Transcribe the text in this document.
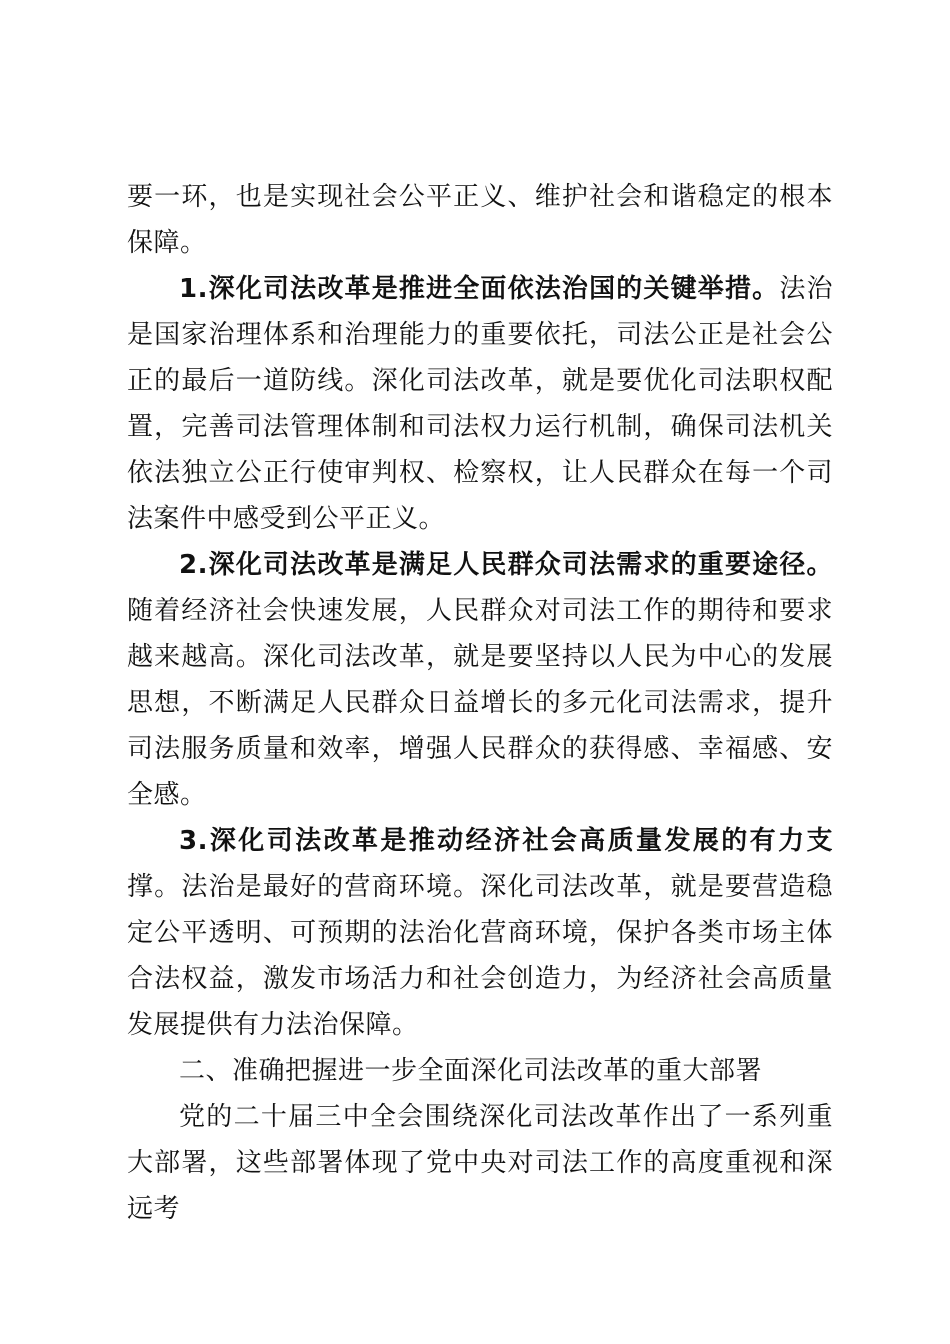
要一环，也是实现社会公平正义、维护社会和谐稳定的根本保障。

1.深化司法改革是推进全面依法治国的关键举措。法治是国家治理体系和治理能力的重要依托，司法公正是社会公正的最后一道防线。深化司法改革，就是要优化司法职权配置，完善司法管理体制和司法权力运行机制，确保司法机关依法独立公正行使审判权、检察权，让人民群众在每一个司法案件中感受到公平正义。

2.深化司法改革是满足人民群众司法需求的重要途径。随着经济社会快速发展，人民群众对司法工作的期待和要求越来越高。深化司法改革，就是要坚持以人民为中心的发展思想，不断满足人民群众日益增长的多元化司法需求，提升司法服务质量和效率，增强人民群众的获得感、幸福感、安全感。

3.深化司法改革是推动经济社会高质量发展的有力支撑。法治是最好的营商环境。深化司法改革，就是要营造稳定公平透明、可预期的法治化营商环境，保护各类市场主体合法权益，激发市场活力和社会创造力，为经济社会高质量发展提供有力法治保障。

二、准确把握进一步全面深化司法改革的重大部署

党的二十届三中全会围绕深化司法改革作出了一系列重大部署，这些部署体现了党中央对司法工作的高度重视和深远考
